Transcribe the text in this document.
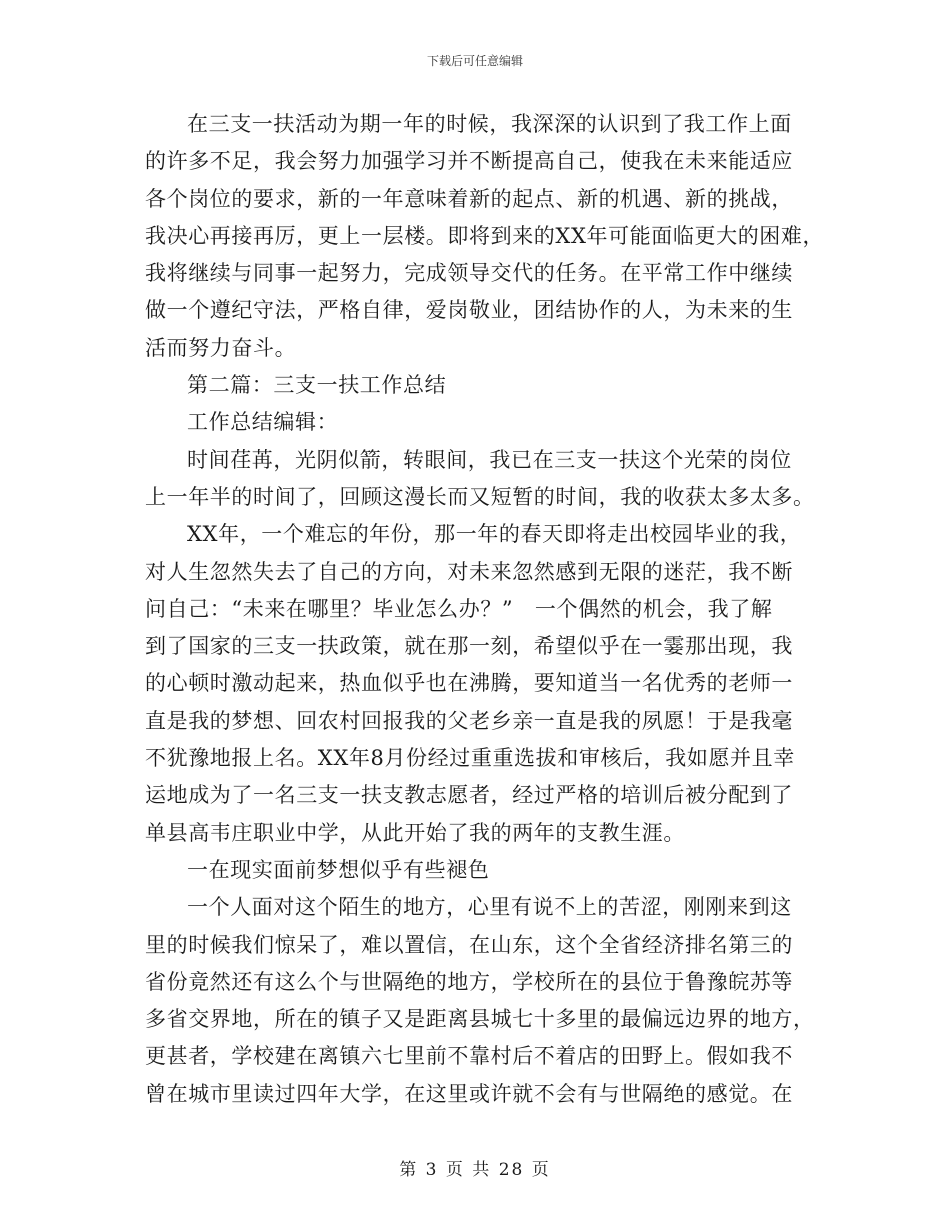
下载后可任意编辑
在三支一扶活动为期一年的时候，我深深的认识到了我工作上面
的许多不足，我会努力加强学习并不断提高自己，使我在未来能适应
各个岗位的要求，新的一年意味着新的起点、新的机遇、新的挑战，
我决心再接再厉，更上一层楼。即将到来的XX年可能面临更大的困难，
我将继续与同事一起努力，完成领导交代的任务。在平常工作中继续
做一个遵纪守法，严格自律，爱岗敬业，团结协作的人，为未来的生
活而努力奋斗。
第二篇：三支一扶工作总结
工作总结编辑：
时间荏苒，光阴似箭，转眼间，我已在三支一扶这个光荣的岗位
上一年半的时间了，回顾这漫长而又短暂的时间，我的收获太多太多。
XX年，一个难忘的年份，那一年的春天即将走出校园毕业的我，
对人生忽然失去了自己的方向，对未来忽然感到无限的迷茫，我不断
问自己：“未来在哪里？毕业怎么办？”　一个偶然的机会，我了解
到了国家的三支一扶政策，就在那一刻，希望似乎在一霎那出现，我
的心顿时激动起来，热血似乎也在沸腾，要知道当一名优秀的老师一
直是我的梦想、回农村回报我的父老乡亲一直是我的夙愿！于是我毫
不犹豫地报上名。XX年8月份经过重重选拔和审核后，我如愿并且幸
运地成为了一名三支一扶支教志愿者，经过严格的培训后被分配到了
单县高韦庄职业中学，从此开始了我的两年的支教生涯。
一在现实面前梦想似乎有些褪色
一个人面对这个陌生的地方，心里有说不上的苦涩，刚刚来到这
里的时候我们惊呆了，难以置信，在山东，这个全省经济排名第三的
省份竟然还有这么个与世隔绝的地方，学校所在的县位于鲁豫皖苏等
多省交界地，所在的镇子又是距离县城七十多里的最偏远边界的地方，
更甚者，学校建在离镇六七里前不靠村后不着店的田野上。假如我不
曾在城市里读过四年大学，在这里或许就不会有与世隔绝的感觉。在
第 3 页 共 28 页
